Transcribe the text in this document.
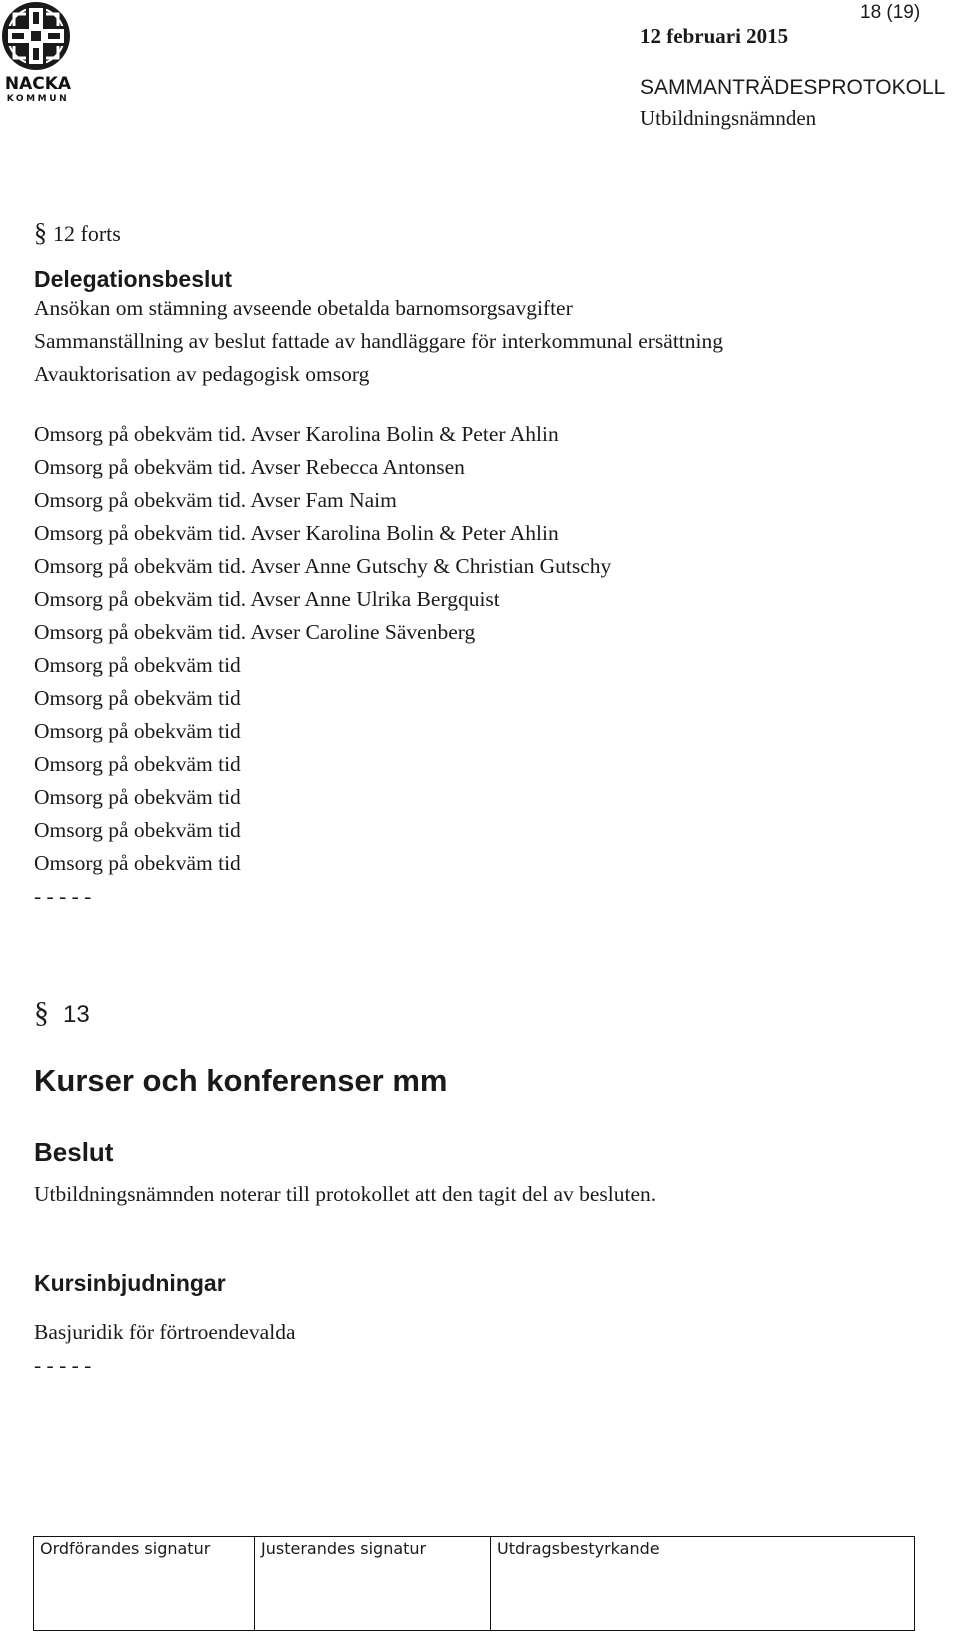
NACKA
KOMMUN
18 (19)
12 februari 2015
SAMMANTRÄDESPROTOKOLL
Utbildningsnämnden
§ 12 forts
Delegationsbeslut
Ansökan om stämning avseende obetalda barnomsorgsavgifter
Sammanställning av beslut fattade av handläggare för interkommunal ersättning
Avauktorisation av pedagogisk omsorg
Omsorg på obekväm tid. Avser Karolina Bolin & Peter Ahlin
Omsorg på obekväm tid. Avser Rebecca Antonsen
Omsorg på obekväm tid. Avser Fam Naim
Omsorg på obekväm tid. Avser Karolina Bolin & Peter Ahlin
Omsorg på obekväm tid. Avser Anne Gutschy & Christian Gutschy
Omsorg på obekväm tid. Avser Anne Ulrika Bergquist
Omsorg på obekväm tid. Avser Caroline Sävenberg
Omsorg på obekväm tid
Omsorg på obekväm tid
Omsorg på obekväm tid
Omsorg på obekväm tid
Omsorg på obekväm tid
Omsorg på obekväm tid
Omsorg på obekväm tid
- - - - -
§ 13
Kurser och konferenser mm
Beslut
Utbildningsnämnden noterar till protokollet att den tagit del av besluten.
Kursinbjudningar
Basjuridik för förtroendevalda
- - - - -
Ordförandes signatur	Justerandes signatur	Utdragsbestyrkande
